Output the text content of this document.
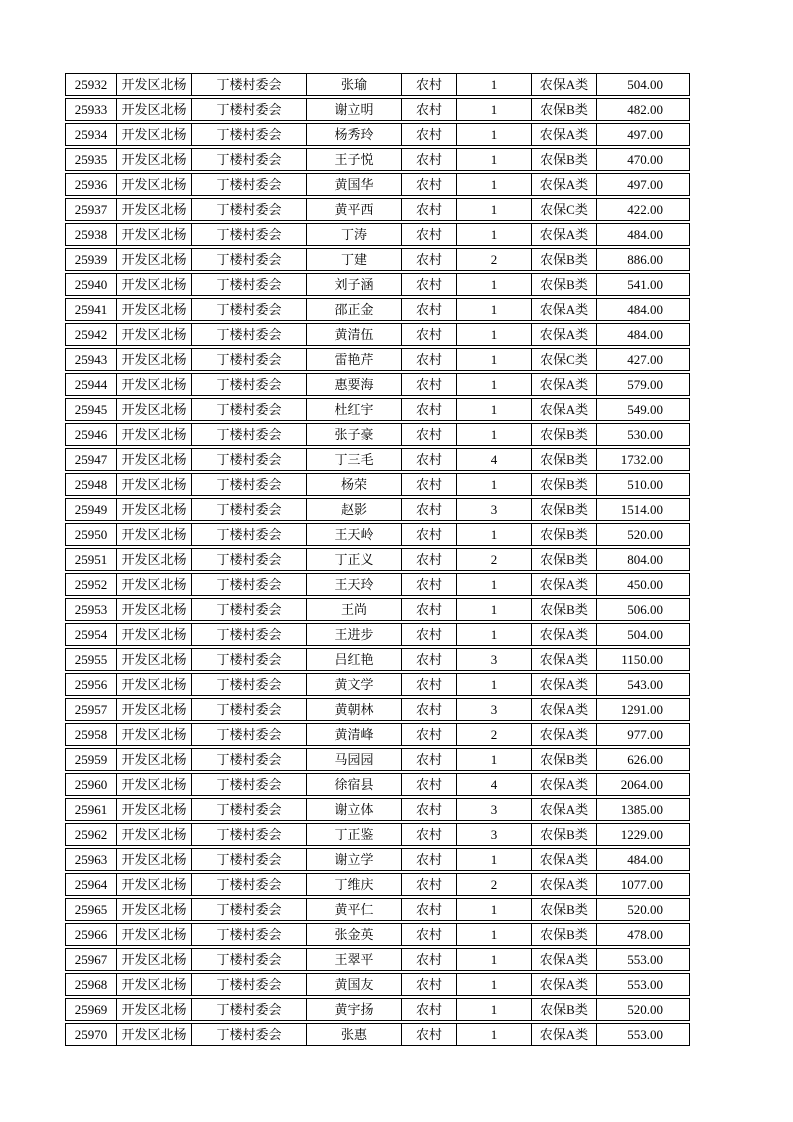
25932	开发区北杨	丁楼村委会	张瑜	农村	1	农保A类	504.00
25933	开发区北杨	丁楼村委会	谢立明	农村	1	农保B类	482.00
25934	开发区北杨	丁楼村委会	杨秀玲	农村	1	农保A类	497.00
25935	开发区北杨	丁楼村委会	王子悦	农村	1	农保B类	470.00
25936	开发区北杨	丁楼村委会	黄国华	农村	1	农保A类	497.00
25937	开发区北杨	丁楼村委会	黄平西	农村	1	农保C类	422.00
25938	开发区北杨	丁楼村委会	丁涛	农村	1	农保A类	484.00
25939	开发区北杨	丁楼村委会	丁建	农村	2	农保B类	886.00
25940	开发区北杨	丁楼村委会	刘子涵	农村	1	农保B类	541.00
25941	开发区北杨	丁楼村委会	邵正金	农村	1	农保A类	484.00
25942	开发区北杨	丁楼村委会	黄清伍	农村	1	农保A类	484.00
25943	开发区北杨	丁楼村委会	雷艳芹	农村	1	农保C类	427.00
25944	开发区北杨	丁楼村委会	惠要海	农村	1	农保A类	579.00
25945	开发区北杨	丁楼村委会	杜红宇	农村	1	农保A类	549.00
25946	开发区北杨	丁楼村委会	张子豪	农村	1	农保B类	530.00
25947	开发区北杨	丁楼村委会	丁三毛	农村	4	农保B类	1732.00
25948	开发区北杨	丁楼村委会	杨荣	农村	1	农保B类	510.00
25949	开发区北杨	丁楼村委会	赵影	农村	3	农保B类	1514.00
25950	开发区北杨	丁楼村委会	王天岭	农村	1	农保B类	520.00
25951	开发区北杨	丁楼村委会	丁正义	农村	2	农保B类	804.00
25952	开发区北杨	丁楼村委会	王天玲	农村	1	农保A类	450.00
25953	开发区北杨	丁楼村委会	王尚	农村	1	农保B类	506.00
25954	开发区北杨	丁楼村委会	王进步	农村	1	农保A类	504.00
25955	开发区北杨	丁楼村委会	吕红艳	农村	3	农保A类	1150.00
25956	开发区北杨	丁楼村委会	黄文学	农村	1	农保A类	543.00
25957	开发区北杨	丁楼村委会	黄朝林	农村	3	农保A类	1291.00
25958	开发区北杨	丁楼村委会	黄清峰	农村	2	农保A类	977.00
25959	开发区北杨	丁楼村委会	马园园	农村	1	农保B类	626.00
25960	开发区北杨	丁楼村委会	徐宿县	农村	4	农保A类	2064.00
25961	开发区北杨	丁楼村委会	谢立体	农村	3	农保A类	1385.00
25962	开发区北杨	丁楼村委会	丁正鉴	农村	3	农保B类	1229.00
25963	开发区北杨	丁楼村委会	谢立学	农村	1	农保A类	484.00
25964	开发区北杨	丁楼村委会	丁维庆	农村	2	农保A类	1077.00
25965	开发区北杨	丁楼村委会	黄平仁	农村	1	农保B类	520.00
25966	开发区北杨	丁楼村委会	张金英	农村	1	农保B类	478.00
25967	开发区北杨	丁楼村委会	王翠平	农村	1	农保A类	553.00
25968	开发区北杨	丁楼村委会	黄国友	农村	1	农保A类	553.00
25969	开发区北杨	丁楼村委会	黄宇扬	农村	1	农保B类	520.00
25970	开发区北杨	丁楼村委会	张惠	农村	1	农保A类	553.00
